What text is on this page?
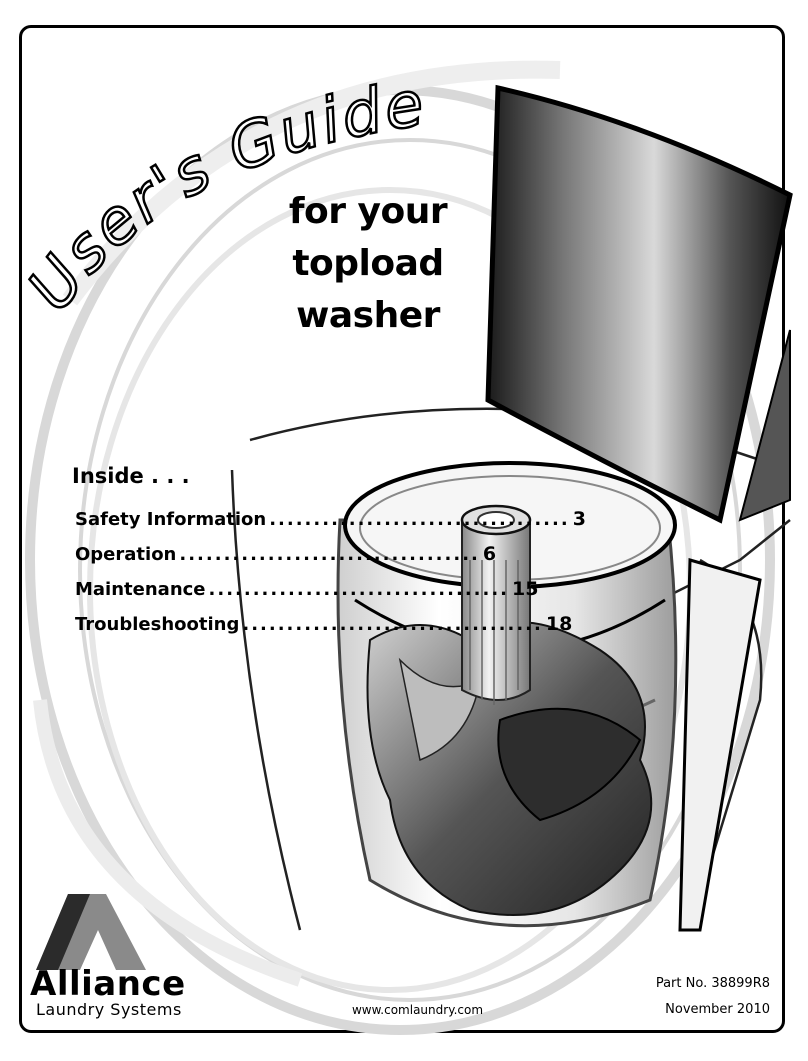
User's Guide
for your
topload
washer
Inside . . .
Safety Information .................................. 3
Operation .................................. 6
Maintenance .................................. 15
Troubleshooting .................................. 18
Alliance
Laundry Systems	www.comlaundry.com
Part No. 38899R8
November 2010
